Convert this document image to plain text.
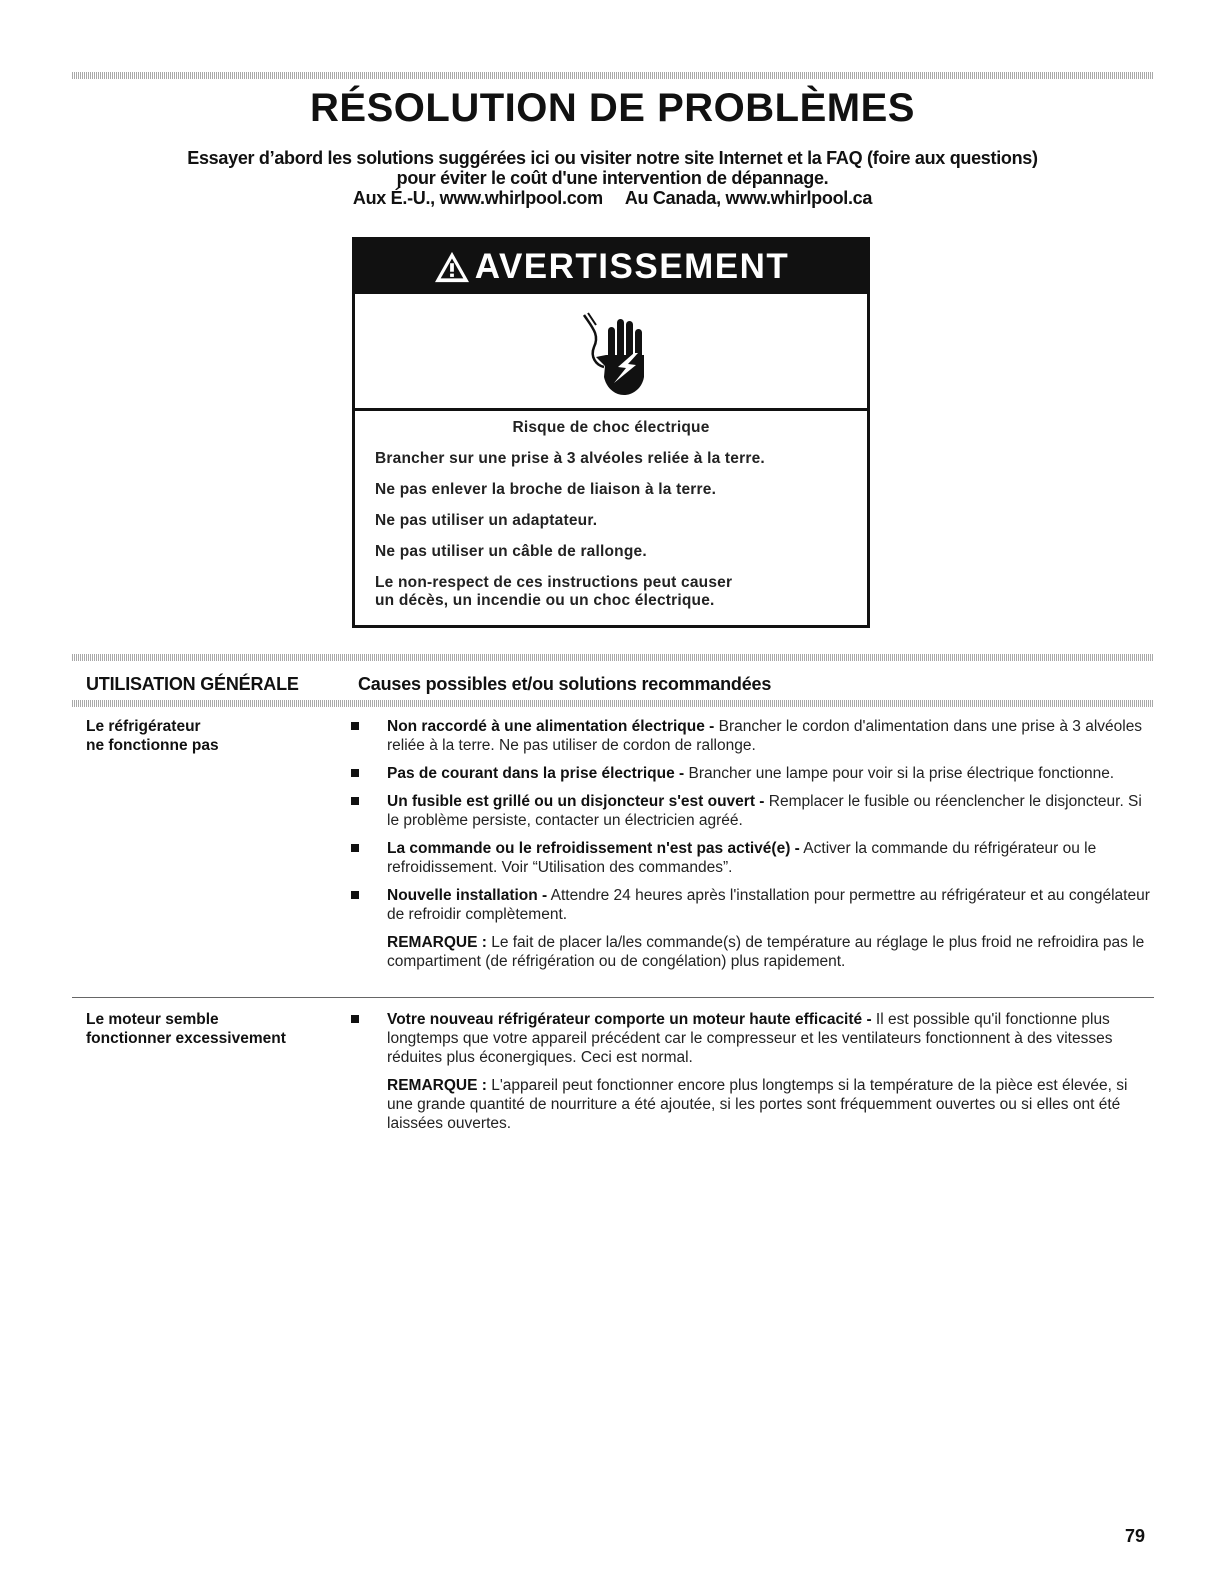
RÉSOLUTION DE PROBLÈMES
Essayer d’abord les solutions suggérées ici ou visiter notre site Internet et la FAQ (foire aux questions)
pour éviter le coût d'une intervention de dépannage.
Aux É.-U., www.whirlpool.com Au Canada, www.whirlpool.ca
AVERTISSEMENT
Risque de choc électrique
Brancher sur une prise à 3 alvéoles reliée à la terre.
Ne pas enlever la broche de liaison à la terre.
Ne pas utiliser un adaptateur.
Ne pas utiliser un câble de rallonge.
Le non-respect de ces instructions peut causer
un décès, un incendie ou un choc électrique.
UTILISATION GÉNÉRALE	Causes possibles et/ou solutions recommandées
Le réfrigérateur
ne fonctionne pas
Non raccordé à une alimentation électrique - Brancher le cordon d'alimentation dans une prise à 3 alvéoles reliée à la terre. Ne pas utiliser de cordon de rallonge.
Pas de courant dans la prise électrique - Brancher une lampe pour voir si la prise électrique fonctionne.
Un fusible est grillé ou un disjoncteur s'est ouvert - Remplacer le fusible ou réenclencher le disjoncteur. Si le problème persiste, contacter un électricien agréé.
La commande ou le refroidissement n'est pas activé(e) - Activer la commande du réfrigérateur ou le refroidissement. Voir “Utilisation des commandes”.
Nouvelle installation - Attendre 24 heures après l'installation pour permettre au réfrigérateur et au congélateur de refroidir complètement.
REMARQUE : Le fait de placer la/les commande(s) de température au réglage le plus froid ne refroidira pas le compartiment (de réfrigération ou de congélation) plus rapidement.
Le moteur semble
fonctionner excessivement
Votre nouveau réfrigérateur comporte un moteur haute efficacité - Il est possible qu'il fonctionne plus longtemps que votre appareil précédent car le compresseur et les ventilateurs fonctionnent à des vitesses réduites plus éconergiques. Ceci est normal.
REMARQUE : L'appareil peut fonctionner encore plus longtemps si la température de la pièce est élevée, si une grande quantité de nourriture a été ajoutée, si les portes sont fréquemment ouvertes ou si elles ont été laissées ouvertes.
79
